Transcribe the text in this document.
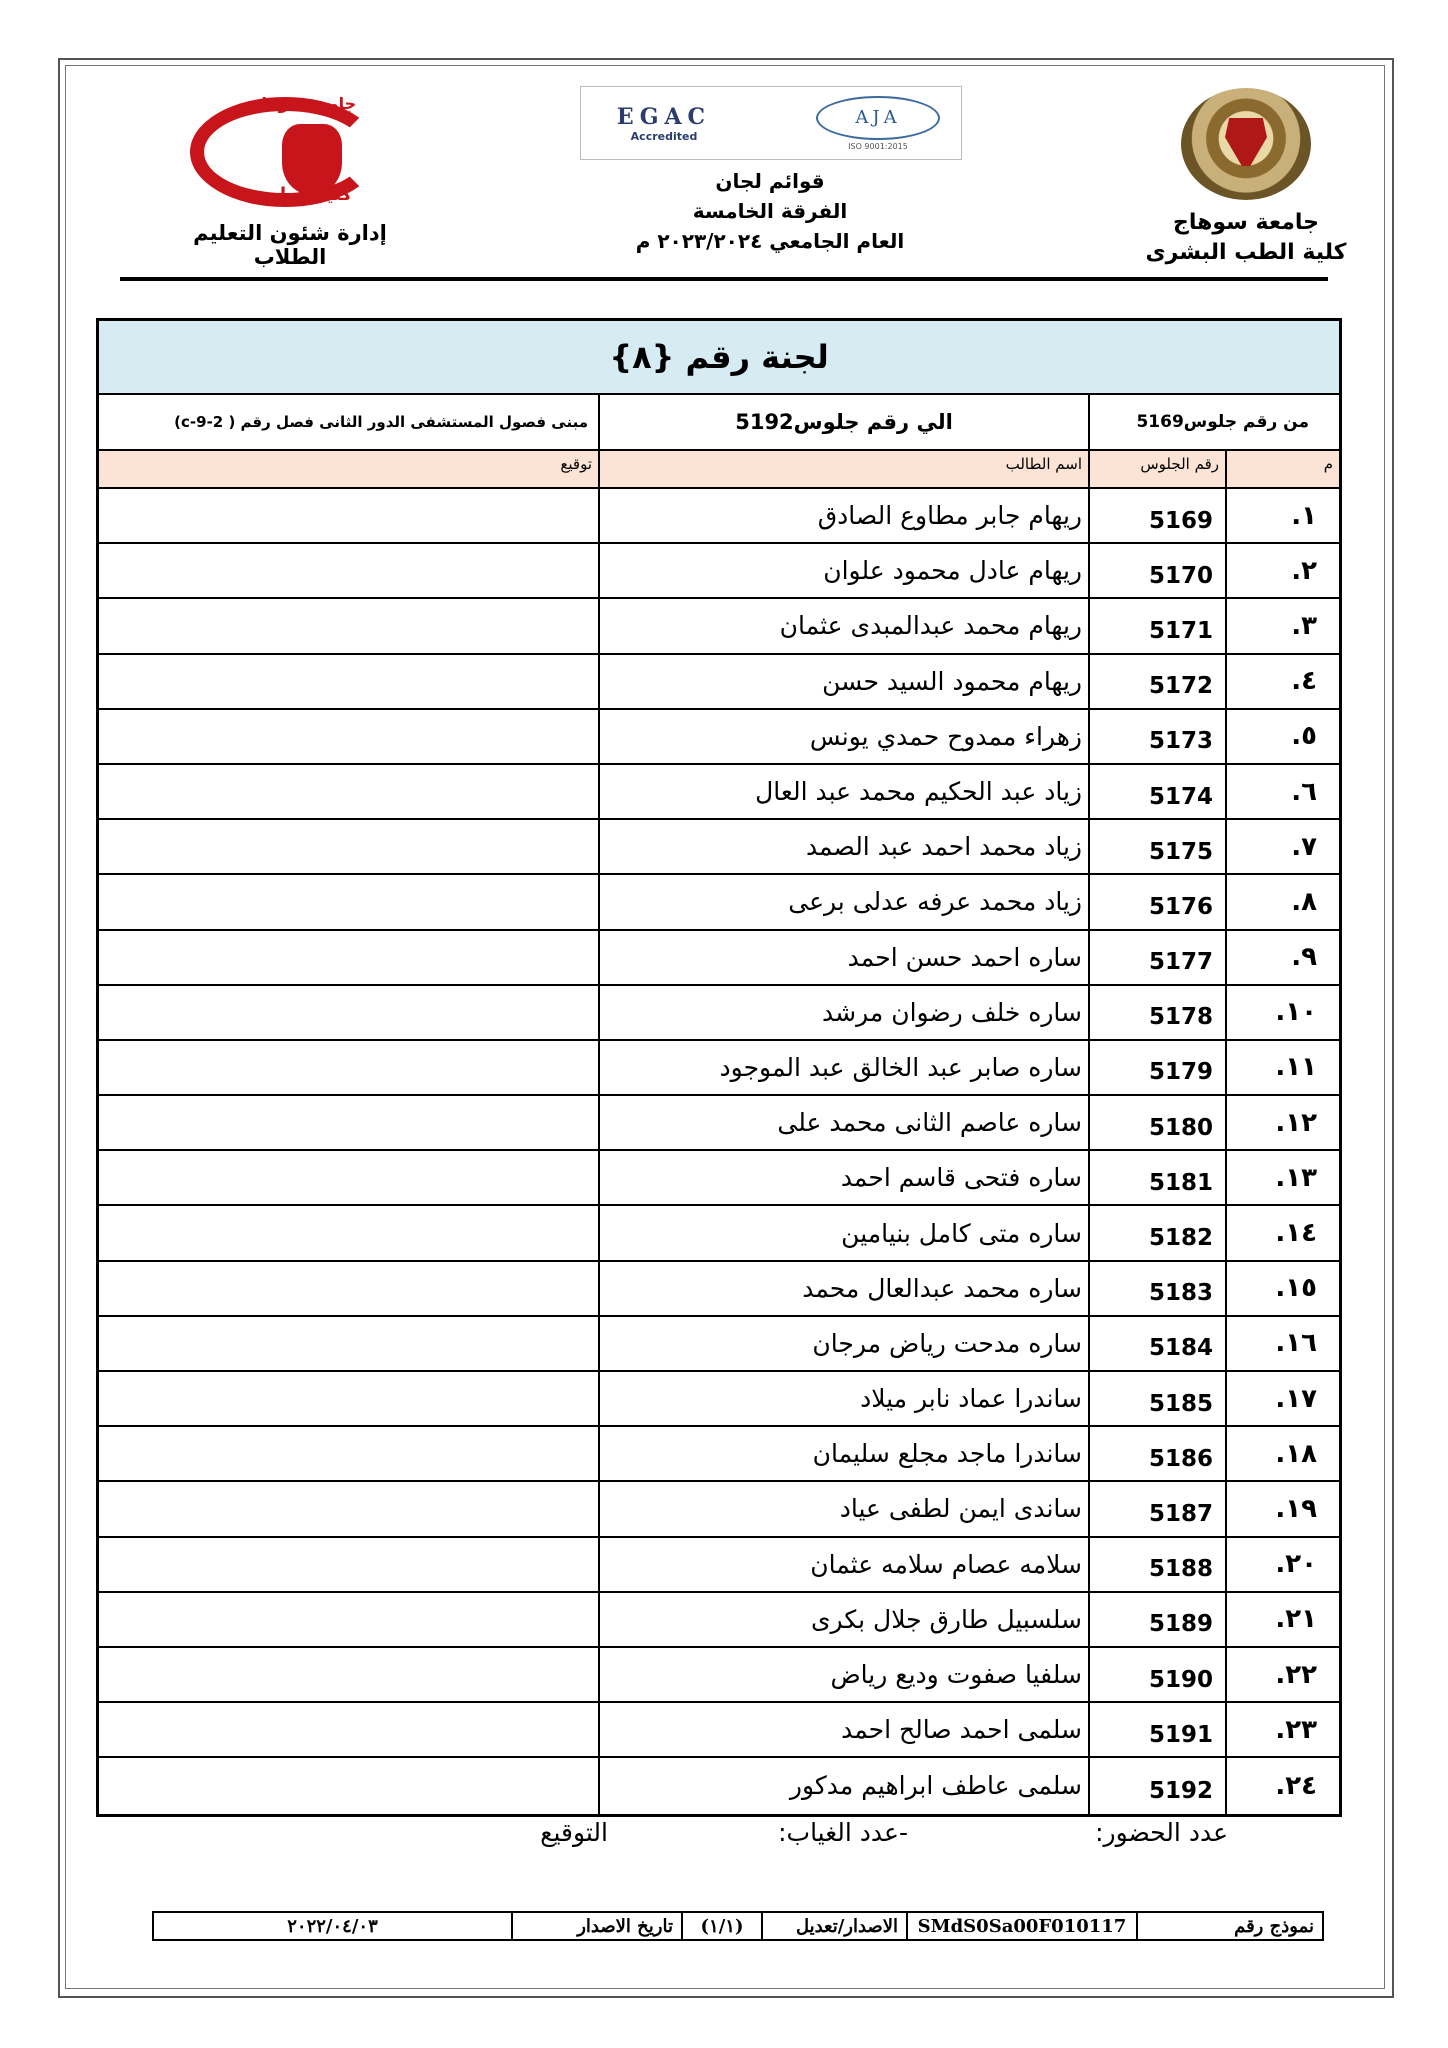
جامعة سوهاج
كلية الطب البشرى
EGAC
Accredited
AJA
ISO 9001:2015
قوائم لجان
الفرقة الخامسة
العام الجامعي ٢٠٢٣/٢٠٢٤ م
جامعة سوهاج
كلية الطب
إدارة شئون التعليم الطلاب
لجنة رقم {٨}
من رقم جلوس5169
الي رقم جلوس5192
مبنى فصول المستشفى الدور الثانى فصل رقم ( c-9-2)
م
رقم الجلوس
اسم الطالب
توقيع
١.
5169
ريهام جابر مطاوع الصادق
٢.
5170
ريهام عادل محمود علوان
٣.
5171
ريهام محمد عبدالمبدى عثمان
٤.
5172
ريهام محمود السيد حسن
٥.
5173
زهراء ممدوح حمدي يونس
٦.
5174
زياد عبد الحكيم محمد عبد العال
٧.
5175
زياد محمد احمد عبد الصمد
٨.
5176
زياد محمد عرفه عدلى برعى
٩.
5177
ساره احمد حسن احمد
١٠.
5178
ساره خلف رضوان مرشد
١١.
5179
ساره صابر عبد الخالق عبد الموجود
١٢.
5180
ساره عاصم الثانى محمد على
١٣.
5181
ساره فتحى قاسم احمد
١٤.
5182
ساره متى كامل بنيامين
١٥.
5183
ساره محمد عبدالعال محمد
١٦.
5184
ساره مدحت رياض مرجان
١٧.
5185
ساندرا عماد نابر ميلاد
١٨.
5186
ساندرا ماجد مجلع سليمان
١٩.
5187
ساندى ايمن لطفى عياد
٢٠.
5188
سلامه عصام سلامه عثمان
٢١.
5189
سلسبيل طارق جلال بكرى
٢٢.
5190
سلفيا صفوت وديع رياض
٢٣.
5191
سلمى احمد صالح احمد
٢٤.
5192
سلمى عاطف ابراهيم مدكور
عدد الحضور:
-عدد الغياب:
التوقيع
نموذج رقم
SMdS0Sa00F010117
الاصدار/تعديل
(١/١)
تاريخ الاصدار
٢٠٢٢/٠٤/٠٣
